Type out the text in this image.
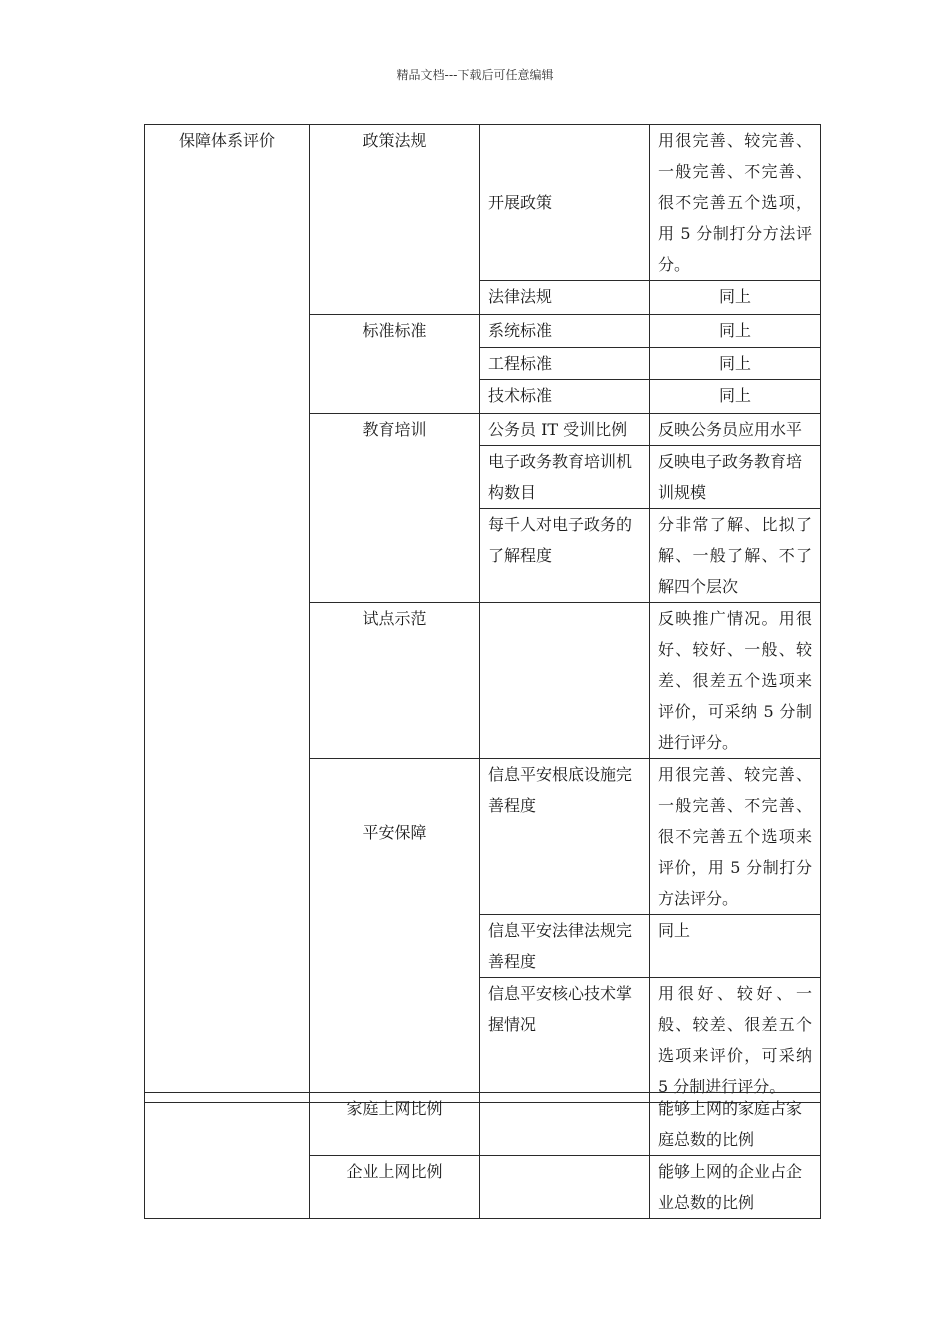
精品文档---下载后可任意编辑
保障体系评价	政策法规	开展政策	用很完善、较完善、一般完善、不完善、很不完善五个选项，用 5 分制打分方法评分。
		法律法规	同上
	标准标准	系统标准	同上
		工程标准	同上
		技术标准	同上
	教育培训	公务员 IT 受训比例	反映公务员应用水平
		电子政务教育培训机构数目	反映电子政务教育培训规模
		每千人对电子政务的了解程度	分非常了解、比拟了解、一般了解、不了解四个层次
	试点示范		反映推广情况。用很好、较好、一般、较差、很差五个选项来评价，可采纳 5 分制进行评分。
	平安保障	信息平安根底设施完善程度	用很完善、较完善、一般完善、不完善、很不完善五个选项来评价，用 5 分制打分方法评分。
		信息平安法律法规完善程度	同上
		信息平安核心技术掌握情况	用很好、较好、一般、较差、很差五个选项来评价，可采纳 5 分制进行评分。
	家庭上网比例		能够上网的家庭占家庭总数的比例
	企业上网比例		能够上网的企业占企业总数的比例
